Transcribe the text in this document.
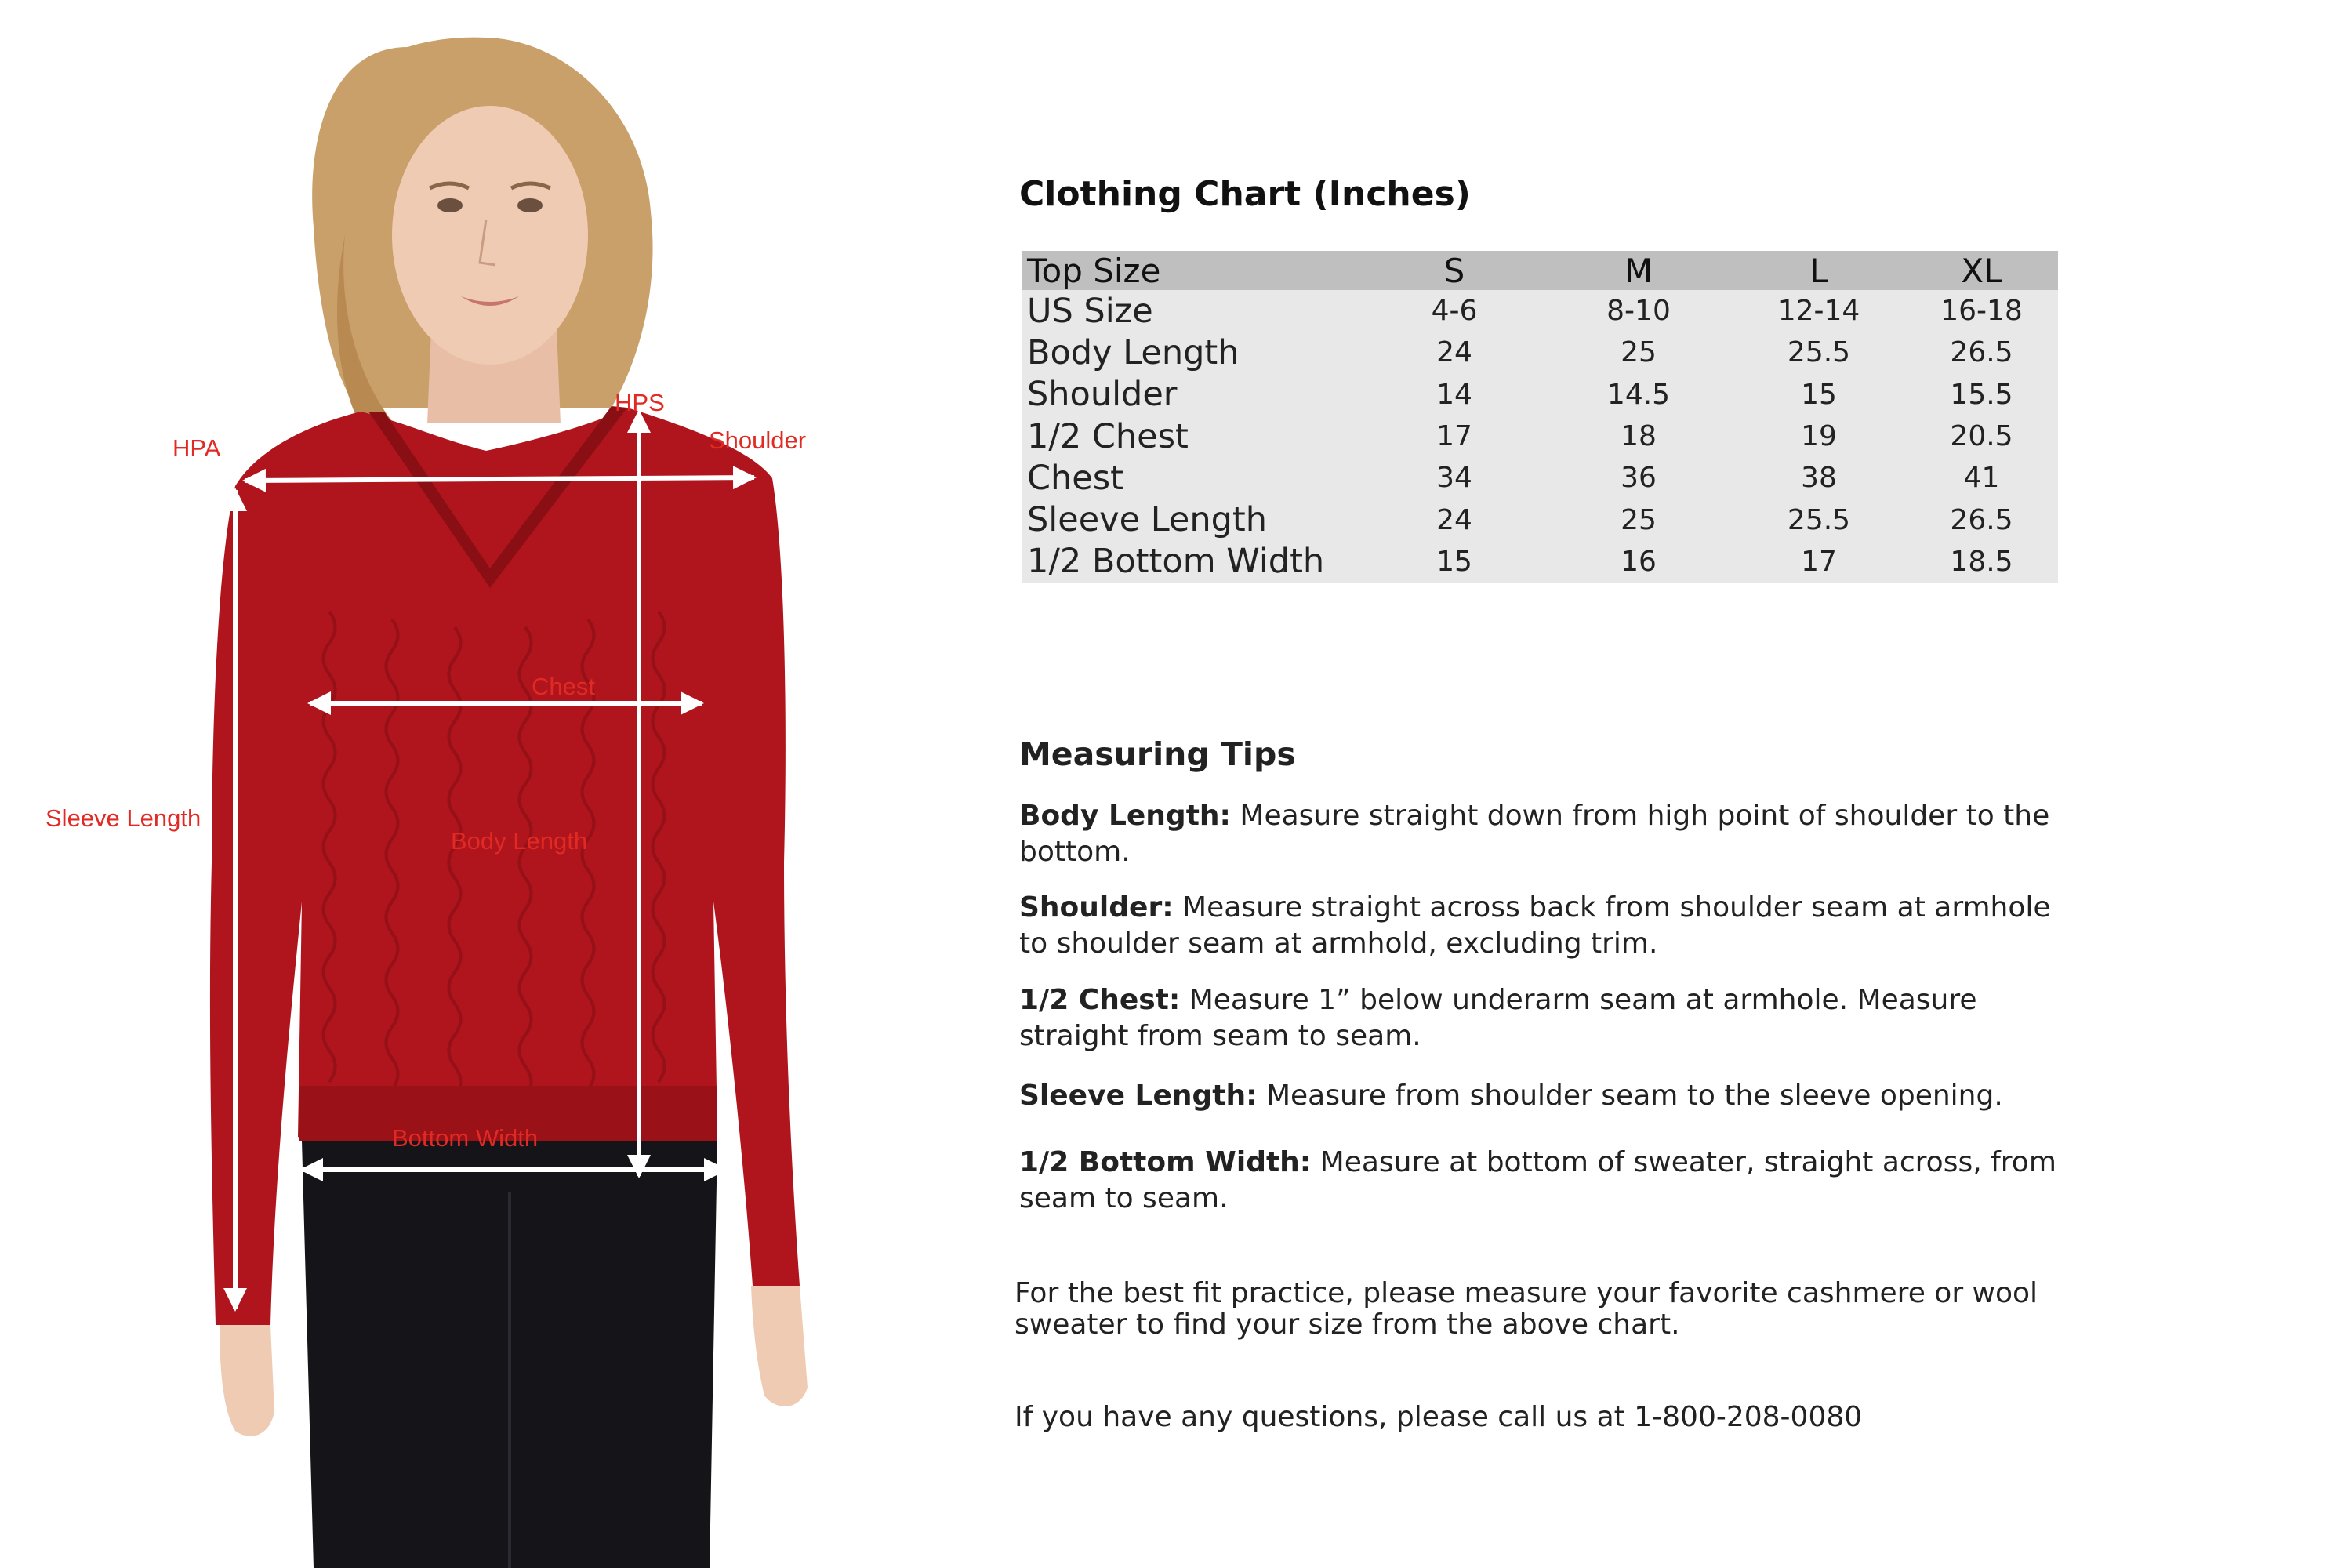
HPA
HPS
Shoulder
Chest
Sleeve Length
Body Length
Bottom Width
Clothing Chart (Inches)
Top Size	S	M	L	XL
US Size	4-6	8-10	12-14	16-18
Body Length	24	25	25.5	26.5
Shoulder	14	14.5	15	15.5
1/2 Chest	17	18	19	20.5
Chest	34	36	38	41
Sleeve Length	24	25	25.5	26.5
1/2 Bottom Width	15	16	17	18.5
Measuring Tips
Body Length: Measure straight down from high point of shoulder to the bottom.
Shoulder: Measure straight across back from shoulder seam at armhole to shoulder seam at armhold, excluding trim.
1/2 Chest: Measure 1” below underarm seam at armhole. Measure straight from seam to seam.
Sleeve Length: Measure from shoulder seam to the sleeve opening.
1/2 Bottom Width: Measure at bottom of sweater, straight across, from seam to seam.
For the best fit practice, please measure your favorite cashmere or wool sweater to find your size from the above chart.
If you have any questions, please call us at 1-800-208-0080
